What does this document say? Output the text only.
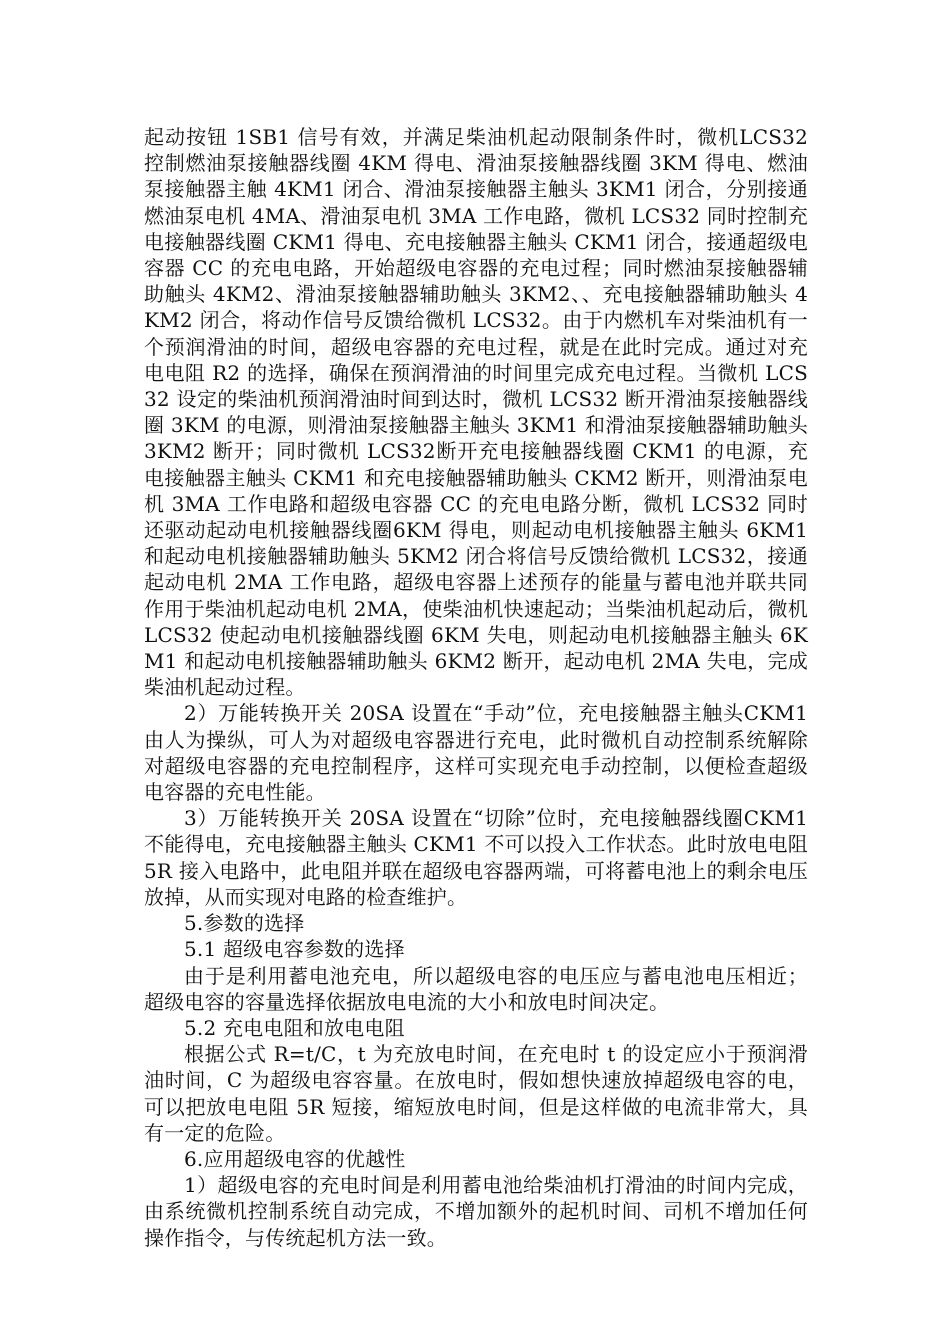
起动按钮 1SB1 信号有效，并满足柴油机起动限制条件时，微机LCS32 控制燃油泵接触器线圈 4KM 得电、滑油泵接触器线圈 3KM 得电、燃油泵接触器主触 4KM1 闭合、滑油泵接触器主触头 3KM1 闭合，分别接通燃油泵电机 4MA、滑油泵电机 3MA 工作电路，微机 LCS32 同时控制充电接触器线圈 CKM1 得电、充电接触器主触头 CKM1 闭合，接通超级电容器 CC 的充电电路，开始超级电容器的充电过程；同时燃油泵接触器辅助触头 4KM2、滑油泵接触器辅助触头 3KM2、、充电接触器辅助触头 4KM2 闭合，将动作信号反馈给微机 LCS32。由于内燃机车对柴油机有一个预润滑油的时间，超级电容器的充电过程，就是在此时完成。通过对充电电阻 R2 的选择，确保在预润滑油的时间里完成充电过程。当微机 LCS32 设定的柴油机预润滑油时间到达时，微机 LCS32 断开滑油泵接触器线圈 3KM 的电源，则滑油泵接触器主触头 3KM1 和滑油泵接触器辅助触头 3KM2 断开；同时微机 LCS32断开充电接触器线圈 CKM1 的电源，充电接触器主触头 CKM1 和充电接触器辅助触头 CKM2 断开，则滑油泵电机 3MA 工作电路和超级电容器 CC 的充电电路分断，微机 LCS32 同时还驱动起动电机接触器线圈6KM 得电，则起动电机接触器主触头 6KM1 和起动电机接触器辅助触头 5KM2 闭合将信号反馈给微机 LCS32，接通起动电机 2MA 工作电路，超级电容器上述预存的能量与蓄电池并联共同作用于柴油机起动电机 2MA，使柴油机快速起动；当柴油机起动后，微机 LCS32 使起动电机接触器线圈 6KM 失电，则起动电机接触器主触头 6KM1 和起动电机接触器辅助触头 6KM2 断开，起动电机 2MA 失电，完成柴油机起动过程。

2）万能转换开关 20SA 设置在“手动”位，充电接触器主触头CKM1 由人为操纵，可人为对超级电容器进行充电，此时微机自动控制系统解除对超级电容器的充电控制程序，这样可实现充电手动控制，以便检查超级电容器的充电性能。

3）万能转换开关 20SA 设置在“切除”位时，充电接触器线圈CKM1 不能得电，充电接触器主触头 CKM1 不可以投入工作状态。此时放电电阻 5R 接入电路中，此电阻并联在超级电容器两端，可将蓄电池上的剩余电压放掉，从而实现对电路的检查维护。

5.参数的选择

5.1 超级电容参数的选择

由于是利用蓄电池充电，所以超级电容的电压应与蓄电池电压相近；超级电容的容量选择依据放电电流的大小和放电时间决定。

5.2 充电电阻和放电电阻

根据公式 R=t/C，t 为充放电时间，在充电时 t 的设定应小于预润滑油时间，C 为超级电容容量。在放电时，假如想快速放掉超级电容的电，可以把放电电阻 5R 短接，缩短放电时间，但是这样做的电流非常大，具有一定的危险。

6.应用超级电容的优越性

1）超级电容的充电时间是利用蓄电池给柴油机打滑油的时间内完成，由系统微机控制系统自动完成，不增加额外的起机时间、司机不增加任何操作指令，与传统起机方法一致。
